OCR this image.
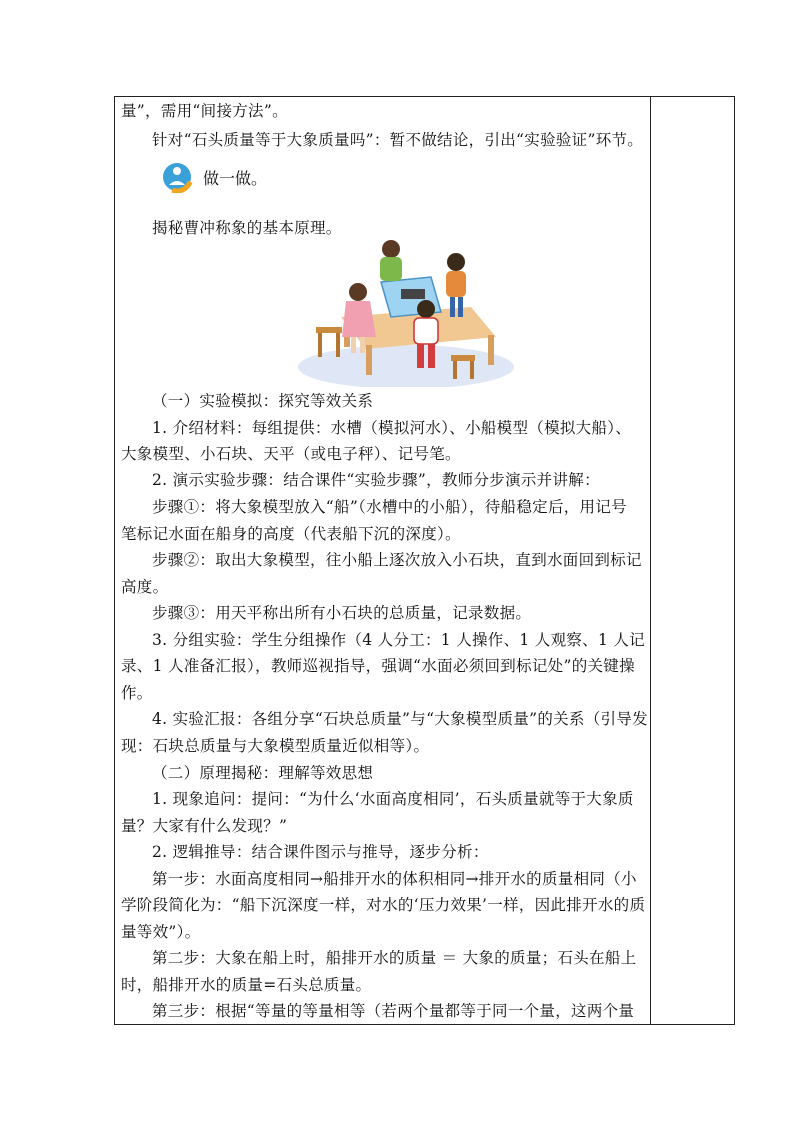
量”，需用“间接方法”。
针对“石头质量等于大象质量吗”：暂不做结论，引出“实验验证”环节。
做一做。
揭秘曹冲称象的基本原理。
（一）实验模拟：探究等效关系
1. 介绍材料：每组提供：水槽（模拟河水）、小船模型（模拟大船）、
大象模型、小石块、天平（或电子秤）、记号笔。
2. 演示实验步骤：结合课件“实验步骤”，教师分步演示并讲解：
步骤①：将大象模型放入“船”（水槽中的小船），待船稳定后，用记号
笔标记水面在船身的高度（代表船下沉的深度）。
步骤②：取出大象模型，往小船上逐次放入小石块，直到水面回到标记
高度。
步骤③：用天平称出所有小石块的总质量，记录数据。
3. 分组实验：学生分组操作（4 人分工：1 人操作、1 人观察、1 人记
录、1 人准备汇报），教师巡视指导，强调“水面必须回到标记处”的关键操
作。
4. 实验汇报：各组分享“石块总质量”与“大象模型质量”的关系（引导发
现：石块总质量与大象模型质量近似相等）。
（二）原理揭秘：理解等效思想
1. 现象追问：提问：“为什么‘水面高度相同’，石头质量就等于大象质
量？大家有什么发现？”
2. 逻辑推导：结合课件图示与推导，逐步分析：
第一步：水面高度相同→船排开水的体积相同→排开水的质量相同（小
学阶段简化为：“船下沉深度一样，对水的‘压力效果’一样，因此排开水的质
量等效”）。
第二步：大象在船上时，船排开水的质量 ＝ 大象的质量；石头在船上
时，船排开水的质量=石头总质量。
第三步：根据“等量的等量相等（若两个量都等于同一个量，这两个量
